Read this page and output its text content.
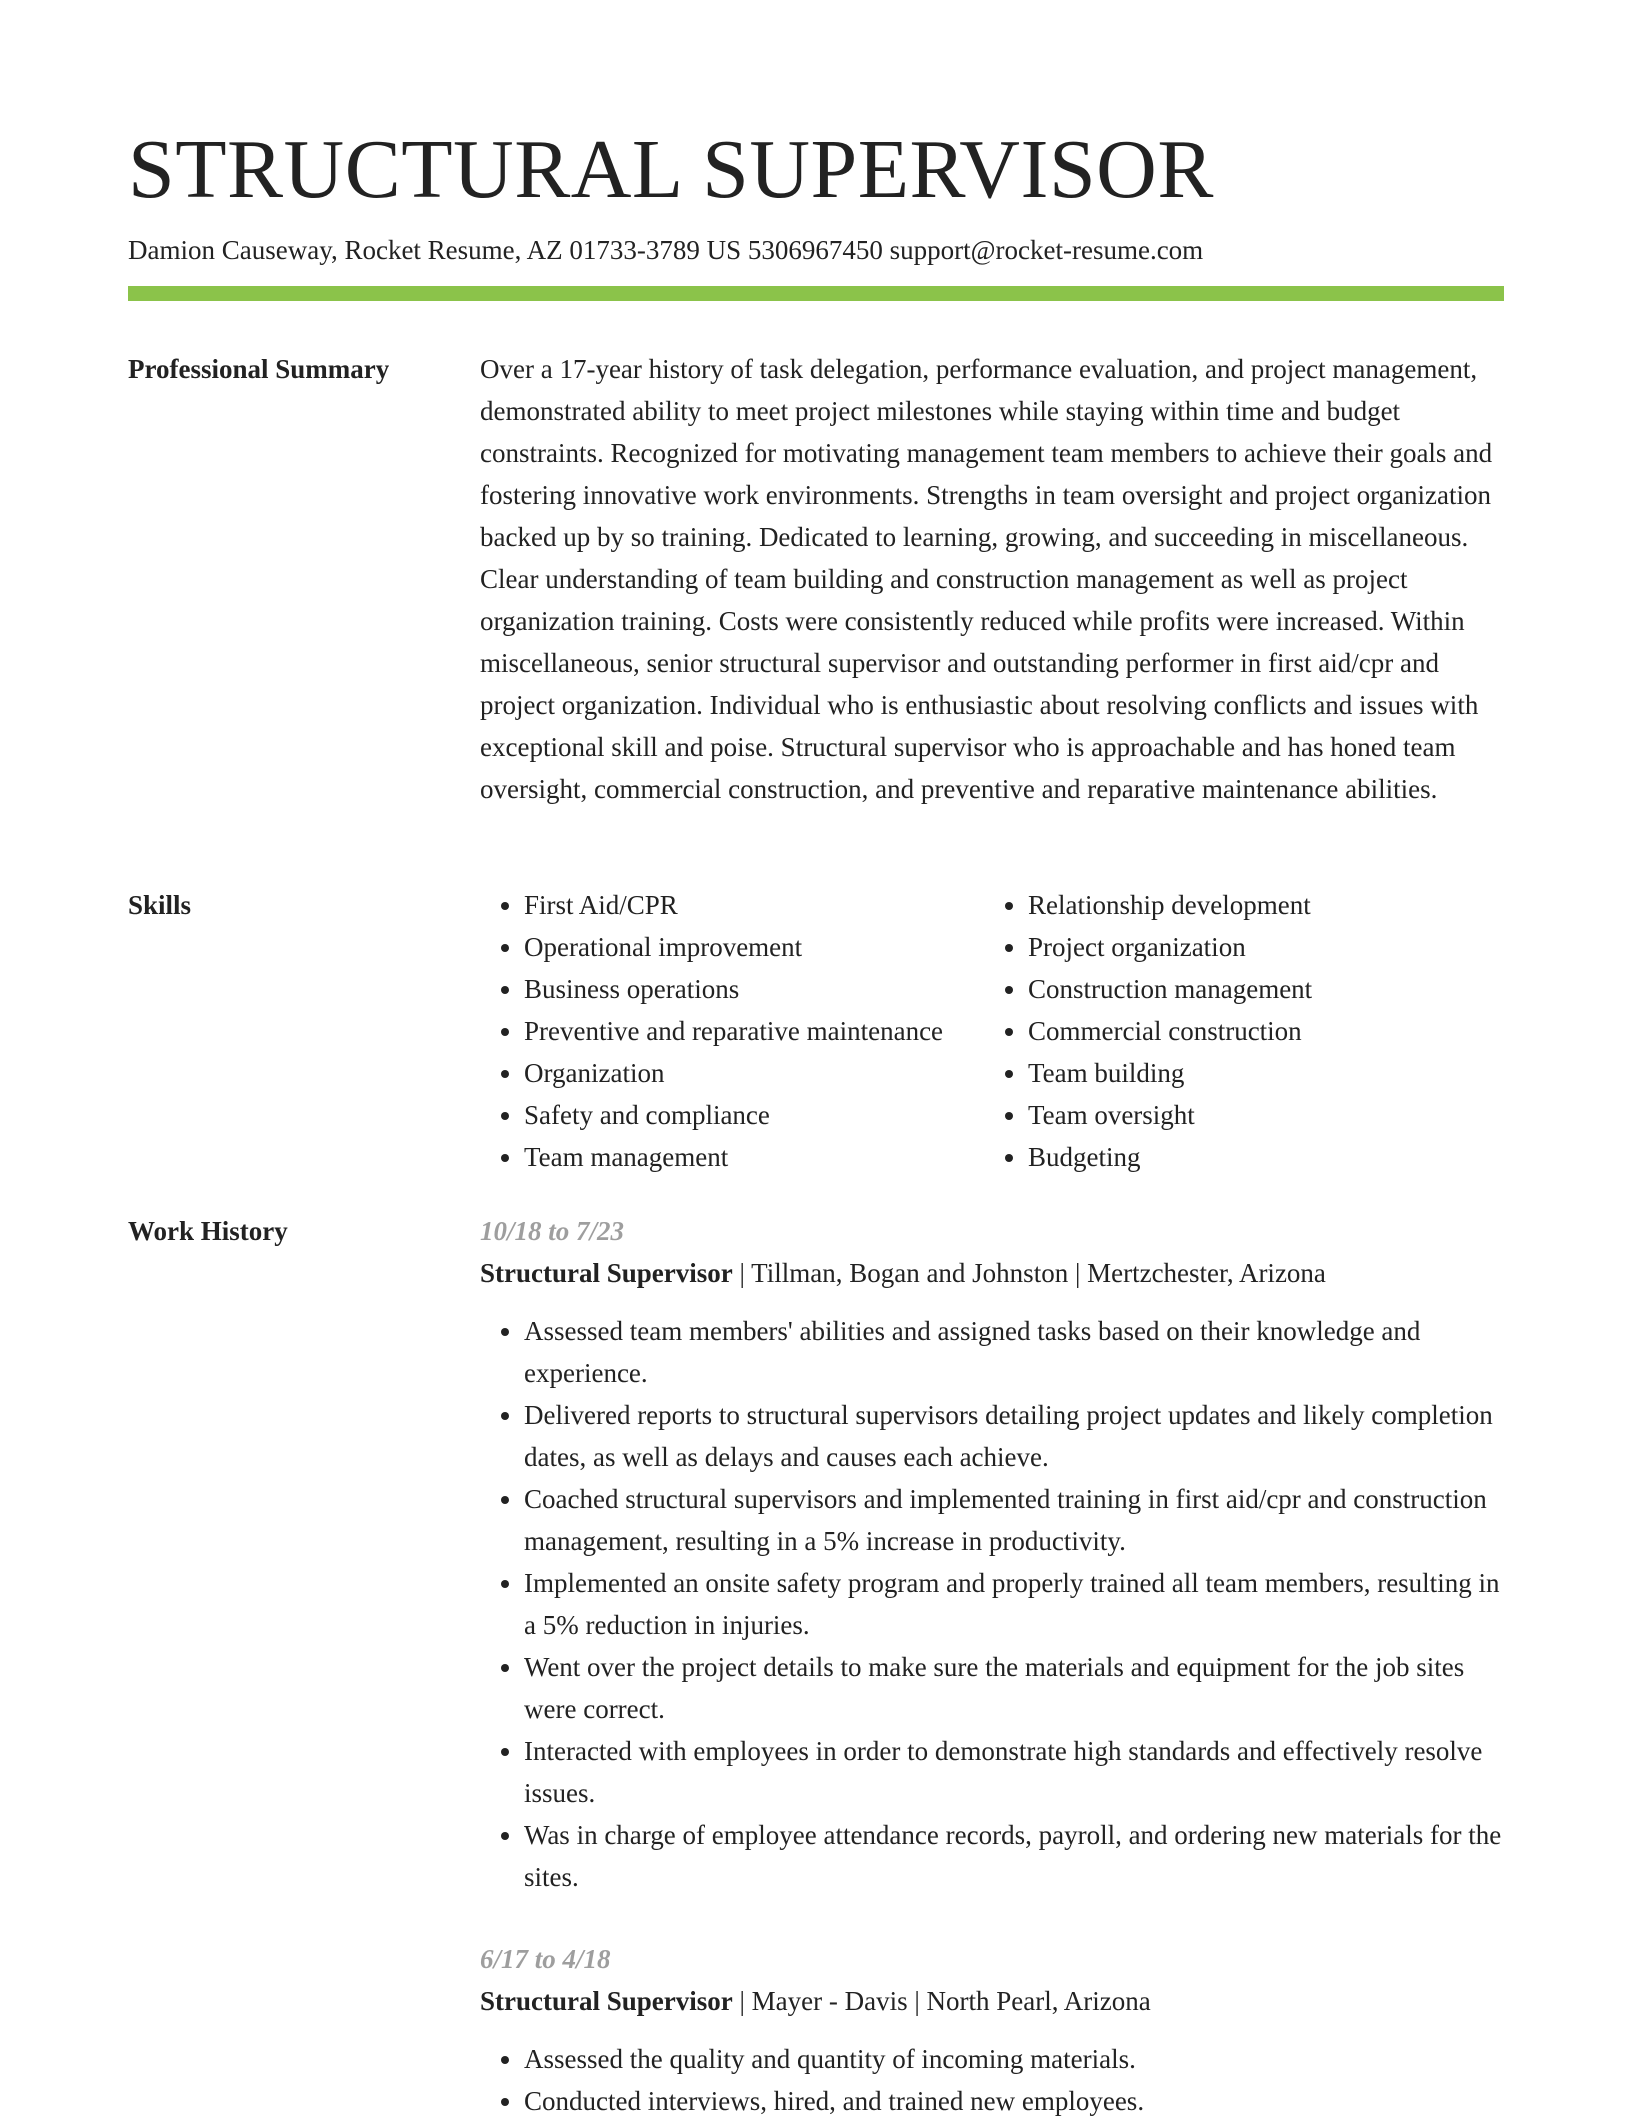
STRUCTURAL SUPERVISOR
Damion Causeway, Rocket Resume, AZ 01733-3789 US 5306967450 support@rocket-resume.com
Professional Summary	Over a 17-year history of task delegation, performance evaluation, and project management, demonstrated ability to meet project milestones while staying within time and budget constraints. Recognized for motivating management team members to achieve their goals and fostering innovative work environments. Strengths in team oversight and project organization backed up by so training. Dedicated to learning, growing, and succeeding in miscellaneous. Clear understanding of team building and construction management as well as project organization training. Costs were consistently reduced while profits were increased. Within miscellaneous, senior structural supervisor and outstanding performer in first aid/cpr and project organization. Individual who is enthusiastic about resolving conflicts and issues with exceptional skill and poise. Structural supervisor who is approachable and has honed team oversight, commercial construction, and preventive and reparative maintenance abilities.

Skills
•	First Aid/CPR
• Operational improvement
• Business operations
• Preventive and reparative maintenance
• Organization
• Safety and compliance
• Team management
• Relationship development
• Project organization
• Construction management
• Commercial construction
• Team building
• Team oversight
• Budgeting
Work History	10/18 to 7/23
Structural Supervisor | Tillman, Bogan and Johnston | Mertzchester, Arizona
• Assessed team members' abilities and assigned tasks based on their knowledge and experience.
• Delivered reports to structural supervisors detailing project updates and likely completion dates, as well as delays and causes each achieve.
• Coached structural supervisors and implemented training in first aid/cpr and construction management, resulting in a 5% increase in productivity.
• Implemented an onsite safety program and properly trained all team members, resulting in a 5% reduction in injuries.
• Went over the project details to make sure the materials and equipment for the job sites were correct.
• Interacted with employees in order to demonstrate high standards and effectively resolve issues.
• Was in charge of employee attendance records, payroll, and ordering new materials for the sites.
6/17 to 4/18
Structural Supervisor | Mayer - Davis | North Pearl, Arizona
• Assessed the quality and quantity of incoming materials.
• Conducted interviews, hired, and trained new employees.
